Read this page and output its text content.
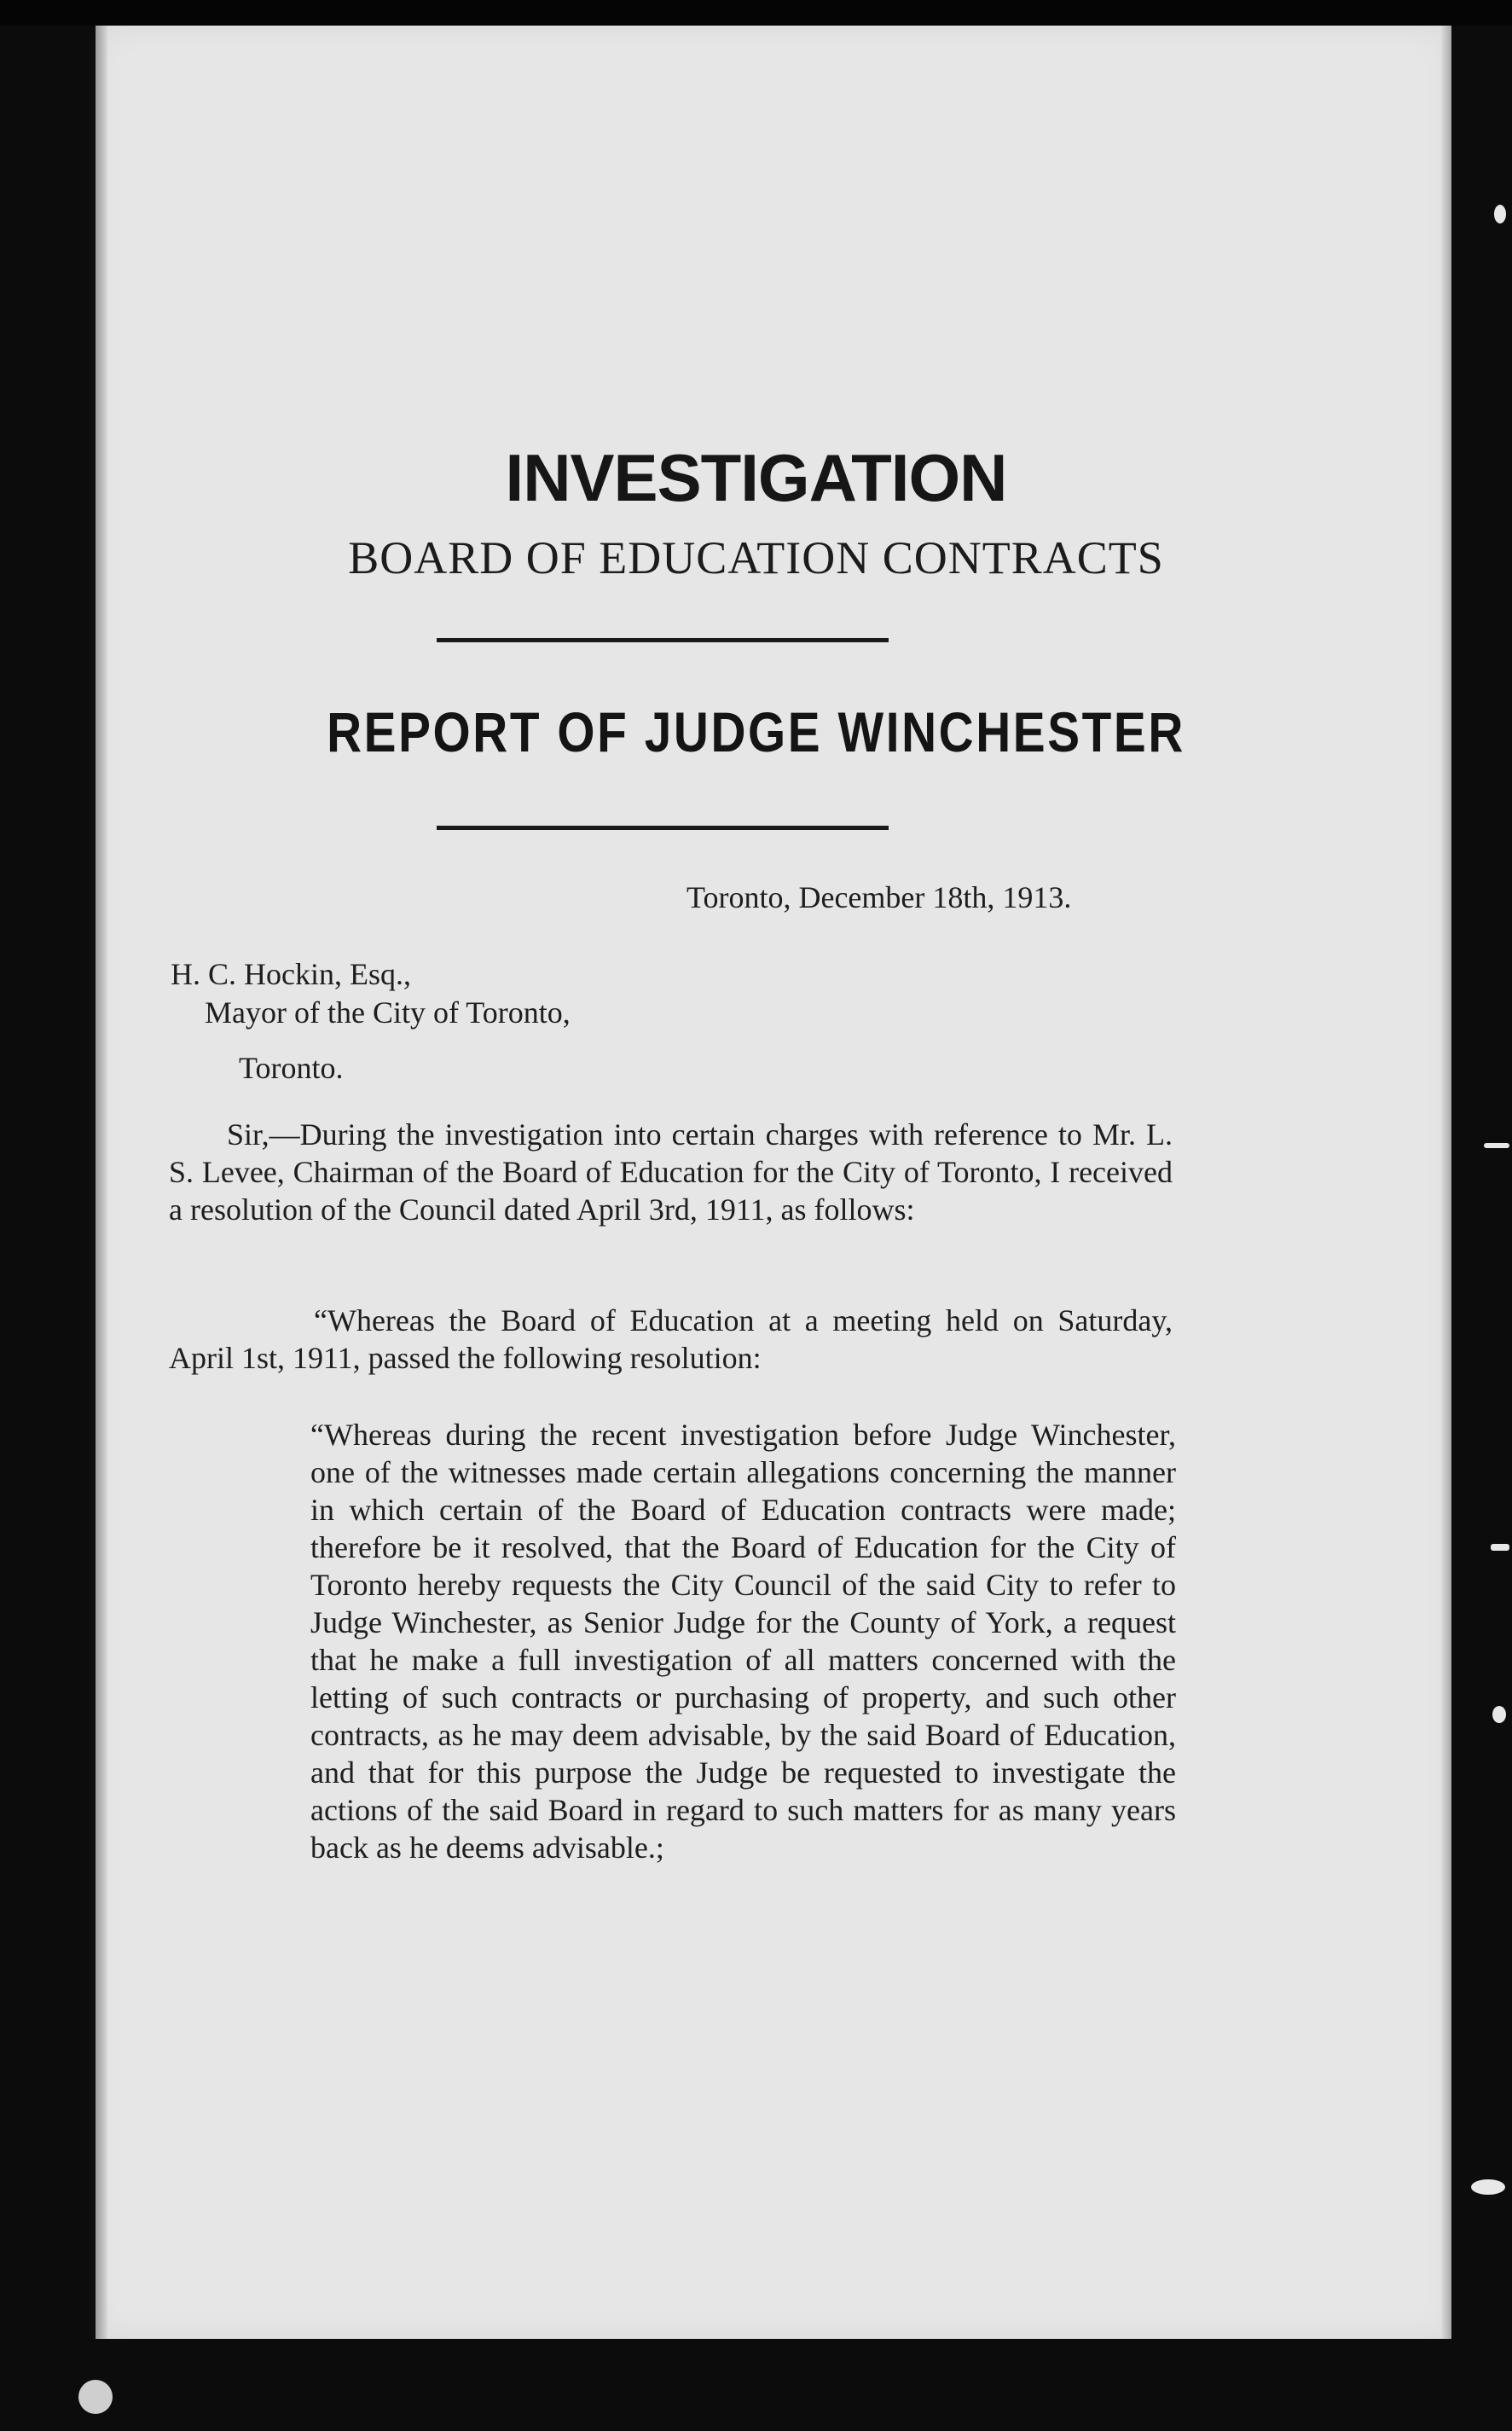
INVESTIGATION
BOARD OF EDUCATION CONTRACTS
REPORT OF JUDGE WINCHESTER
Toronto, December 18th, 1913.
H. C. Hockin, Esq.,
Mayor of the City of Toronto,
Toronto.

Sir,—During the investigation into certain charges with reference to Mr. L. S. Levee, Chairman of the Board of Education for the City of Toronto, I received a resolution of the Council dated April 3rd, 1911, as follows:

“Whereas the Board of Education at a meeting held on Saturday, April 1st, 1911, passed the following resolution:

“Whereas during the recent investigation before Judge Winchester, one of the witnesses made certain allegations concerning the manner in which certain of the Board of Education contracts were made; therefore be it resolved, that the Board of Education for the City of Toronto hereby requests the City Council of the said City to refer to Judge Winchester, as Senior Judge for the County of York, a request that he make a full investigation of all matters concerned with the letting of such contracts or purchasing of property, and such other contracts, as he may deem advisable, by the said Board of Education, and that for this purpose the Judge be requested to investigate the actions of the said Board in regard to such matters for as many years back as he deems advisable.;
